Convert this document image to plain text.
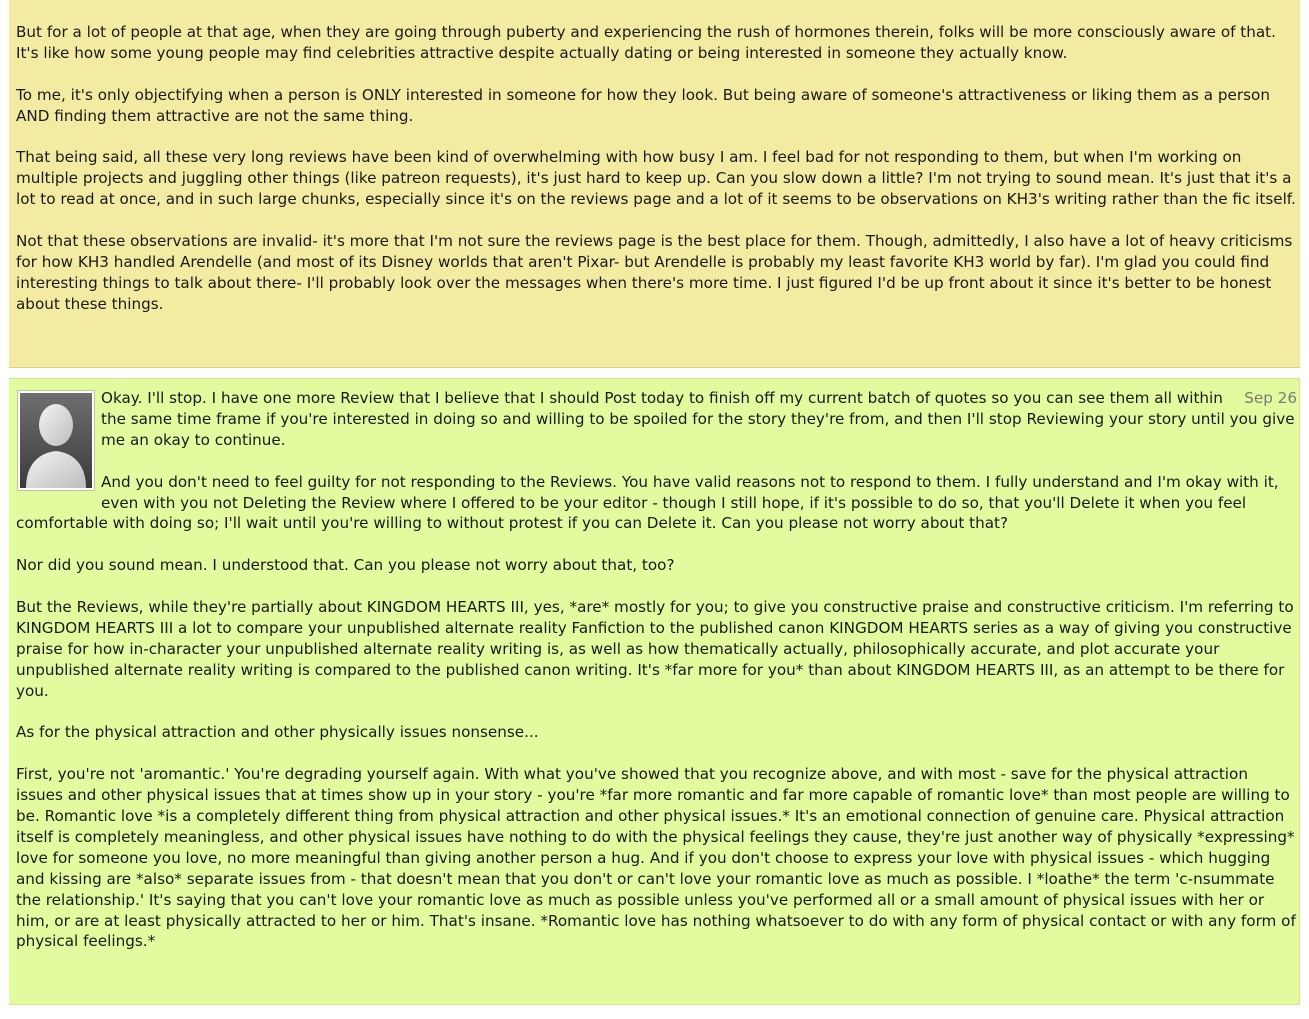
But for a lot of people at that age, when they are going through puberty and experiencing the rush of hormones therein, folks will be more consciously aware of that. It's like how some young people may find celebrities attractive despite actually dating or being interested in someone they actually know.

To me, it's only objectifying when a person is ONLY interested in someone for how they look. But being aware of someone's attractiveness or liking them as a person AND finding them attractive are not the same thing.

That being said, all these very long reviews have been kind of overwhelming with how busy I am. I feel bad for not responding to them, but when I'm working on multiple projects and juggling other things (like patreon requests), it's just hard to keep up. Can you slow down a little? I'm not trying to sound mean. It's just that it's a lot to read at once, and in such large chunks, especially since it's on the reviews page and a lot of it seems to be observations on KH3's writing rather than the fic itself.

Not that these observations are invalid- it's more that I'm not sure the reviews page is the best place for them. Though, admittedly, I also have a lot of heavy criticisms for how KH3 handled Arendelle (and most of its Disney worlds that aren't Pixar- but Arendelle is probably my least favorite KH3 world by far). I'm glad you could find interesting things to talk about there- I'll probably look over the messages when there's more time. I just figured I'd be up front about it since it's better to be honest about these things.

Sep 26

Okay. I'll stop. I have one more Review that I believe that I should Post today to finish off my current batch of quotes so you can see them all within the same time frame if you're interested in doing so and willing to be spoiled for the story they're from, and then I'll stop Reviewing your story until you give me an okay to continue.

And you don't need to feel guilty for not responding to the Reviews. You have valid reasons not to respond to them. I fully understand and I'm okay with it, even with you not Deleting the Review where I offered to be your editor - though I still hope, if it's possible to do so, that you'll Delete it when you feel comfortable with doing so; I'll wait until you're willing to without protest if you can Delete it. Can you please not worry about that?

Nor did you sound mean. I understood that. Can you please not worry about that, too?

But the Reviews, while they're partially about KINGDOM HEARTS III, yes, *are* mostly for you; to give you constructive praise and constructive criticism. I'm referring to KINGDOM HEARTS III a lot to compare your unpublished alternate reality Fanfiction to the published canon KINGDOM HEARTS series as a way of giving you constructive praise for how in-character your unpublished alternate reality writing is, as well as how thematically actually, philosophically accurate, and plot accurate your unpublished alternate reality writing is compared to the published canon writing. It's *far more for you* than about KINGDOM HEARTS III, as an attempt to be there for you.

As for the physical attraction and other physically issues nonsense...

First, you're not 'aromantic.' You're degrading yourself again. With what you've showed that you recognize above, and with most - save for the physical attraction issues and other physical issues that at times show up in your story - you're *far more romantic and far more capable of romantic love* than most people are willing to be. Romantic love *is a completely different thing from physical attraction and other physical issues.* It's an emotional connection of genuine care. Physical attraction itself is completely meaningless, and other physical issues have nothing to do with the physical feelings they cause, they're just another way of physically *expressing* love for someone you love, no more meaningful than giving another person a hug. And if you don't choose to express your love with physical issues - which hugging and kissing are *also* separate issues from - that doesn't mean that you don't or can't love your romantic love as much as possible. I *loathe* the term 'c-nsummate the relationship.' It's saying that you can't love your romantic love as much as possible unless you've performed all or a small amount of physical issues with her or him, or are at least physically attracted to her or him. That's insane. *Romantic love has nothing whatsoever to do with any form of physical contact or with any form of physical feelings.*
